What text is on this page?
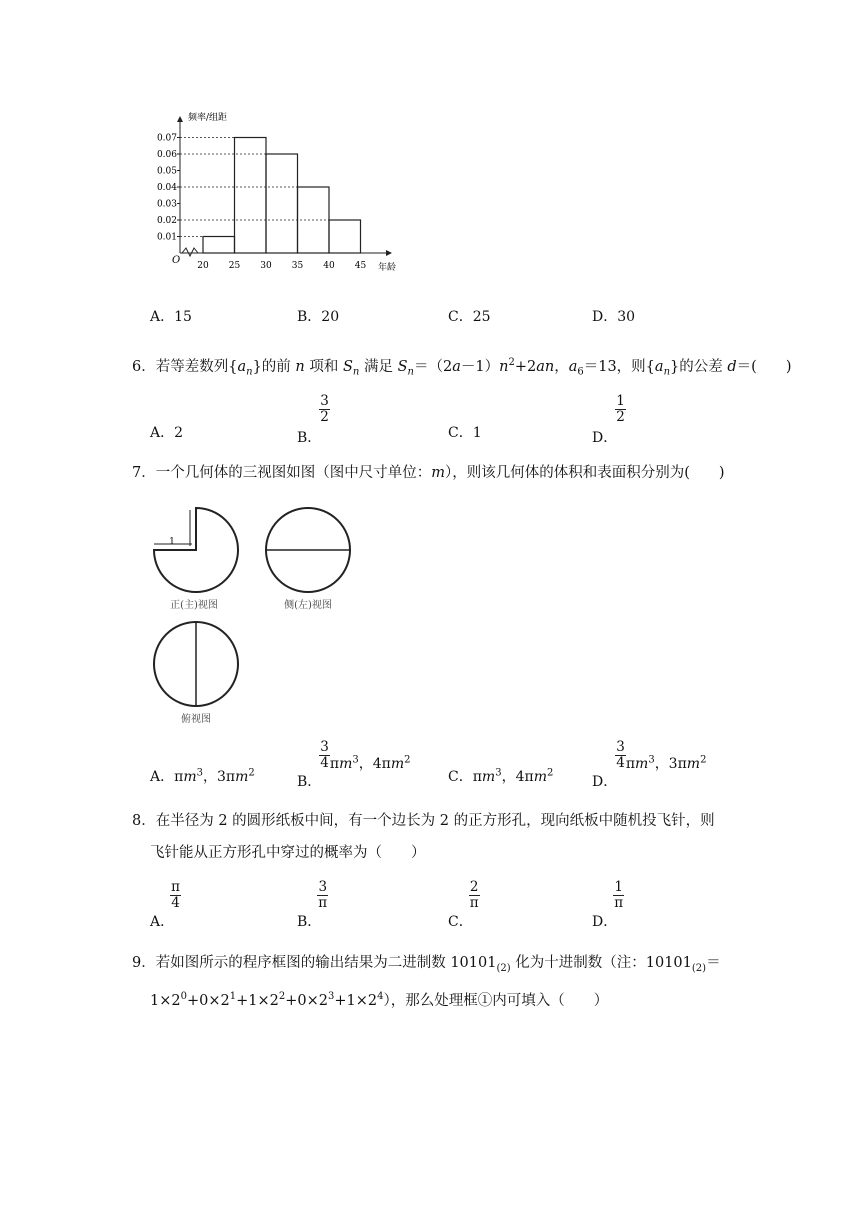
频率/组距
年龄
O
0.01
0.02
0.03
0.04
0.05
0.06
0.07
20 25 30 35 40 45
A．15	B．20	C．25	D．30
6．若等差数列$\{a_n\}$的前 n 项和 $S_n$ 满足 $S_n=(2a-1)n^2+2an$，$a_6=13$，则$\{a_n\}$的公差 d＝(　　)
A．2	B．
$\frac{3}{2}$
C．1	D．
$\frac{1}{2}$
7．一个几何体的三视图如图（图中尺寸单位：m），则该几何体的体积和表面积分别为(　　)
1
正(主)视图	侧(左)视图
俯视图
A．$\pi m^3$，$3\pi m^2$
B．
$\frac{3}{4} \pi m^3$，$4\pi m^2$
C．$\pi m^3$，$4\pi m^2$
D．
$\frac{3}{4} \pi m^3$，$3\pi m^2$
8．在半径为 2 的圆形纸板中间，有一个边长为 2 的正方形孔，现向纸板中随机投飞针，则
飞针能从正方形孔中穿过的概率为（　　）
A．
$\frac{\pi}{4}$
B．
$\frac{3}{\pi}$
C．
$\frac{2}{\pi}$
D．
$\frac{1}{\pi}$
9．若如图所示的程序框图的输出结果为二进制数 $10101_{(2)}$ 化为十进制数（注：$10101_{(2)}=$
$1\times 2^0+0\times 2^1+1\times 2^2+0\times 2^3+1\times 2^4$），那么处理框①内可填入（　　）
